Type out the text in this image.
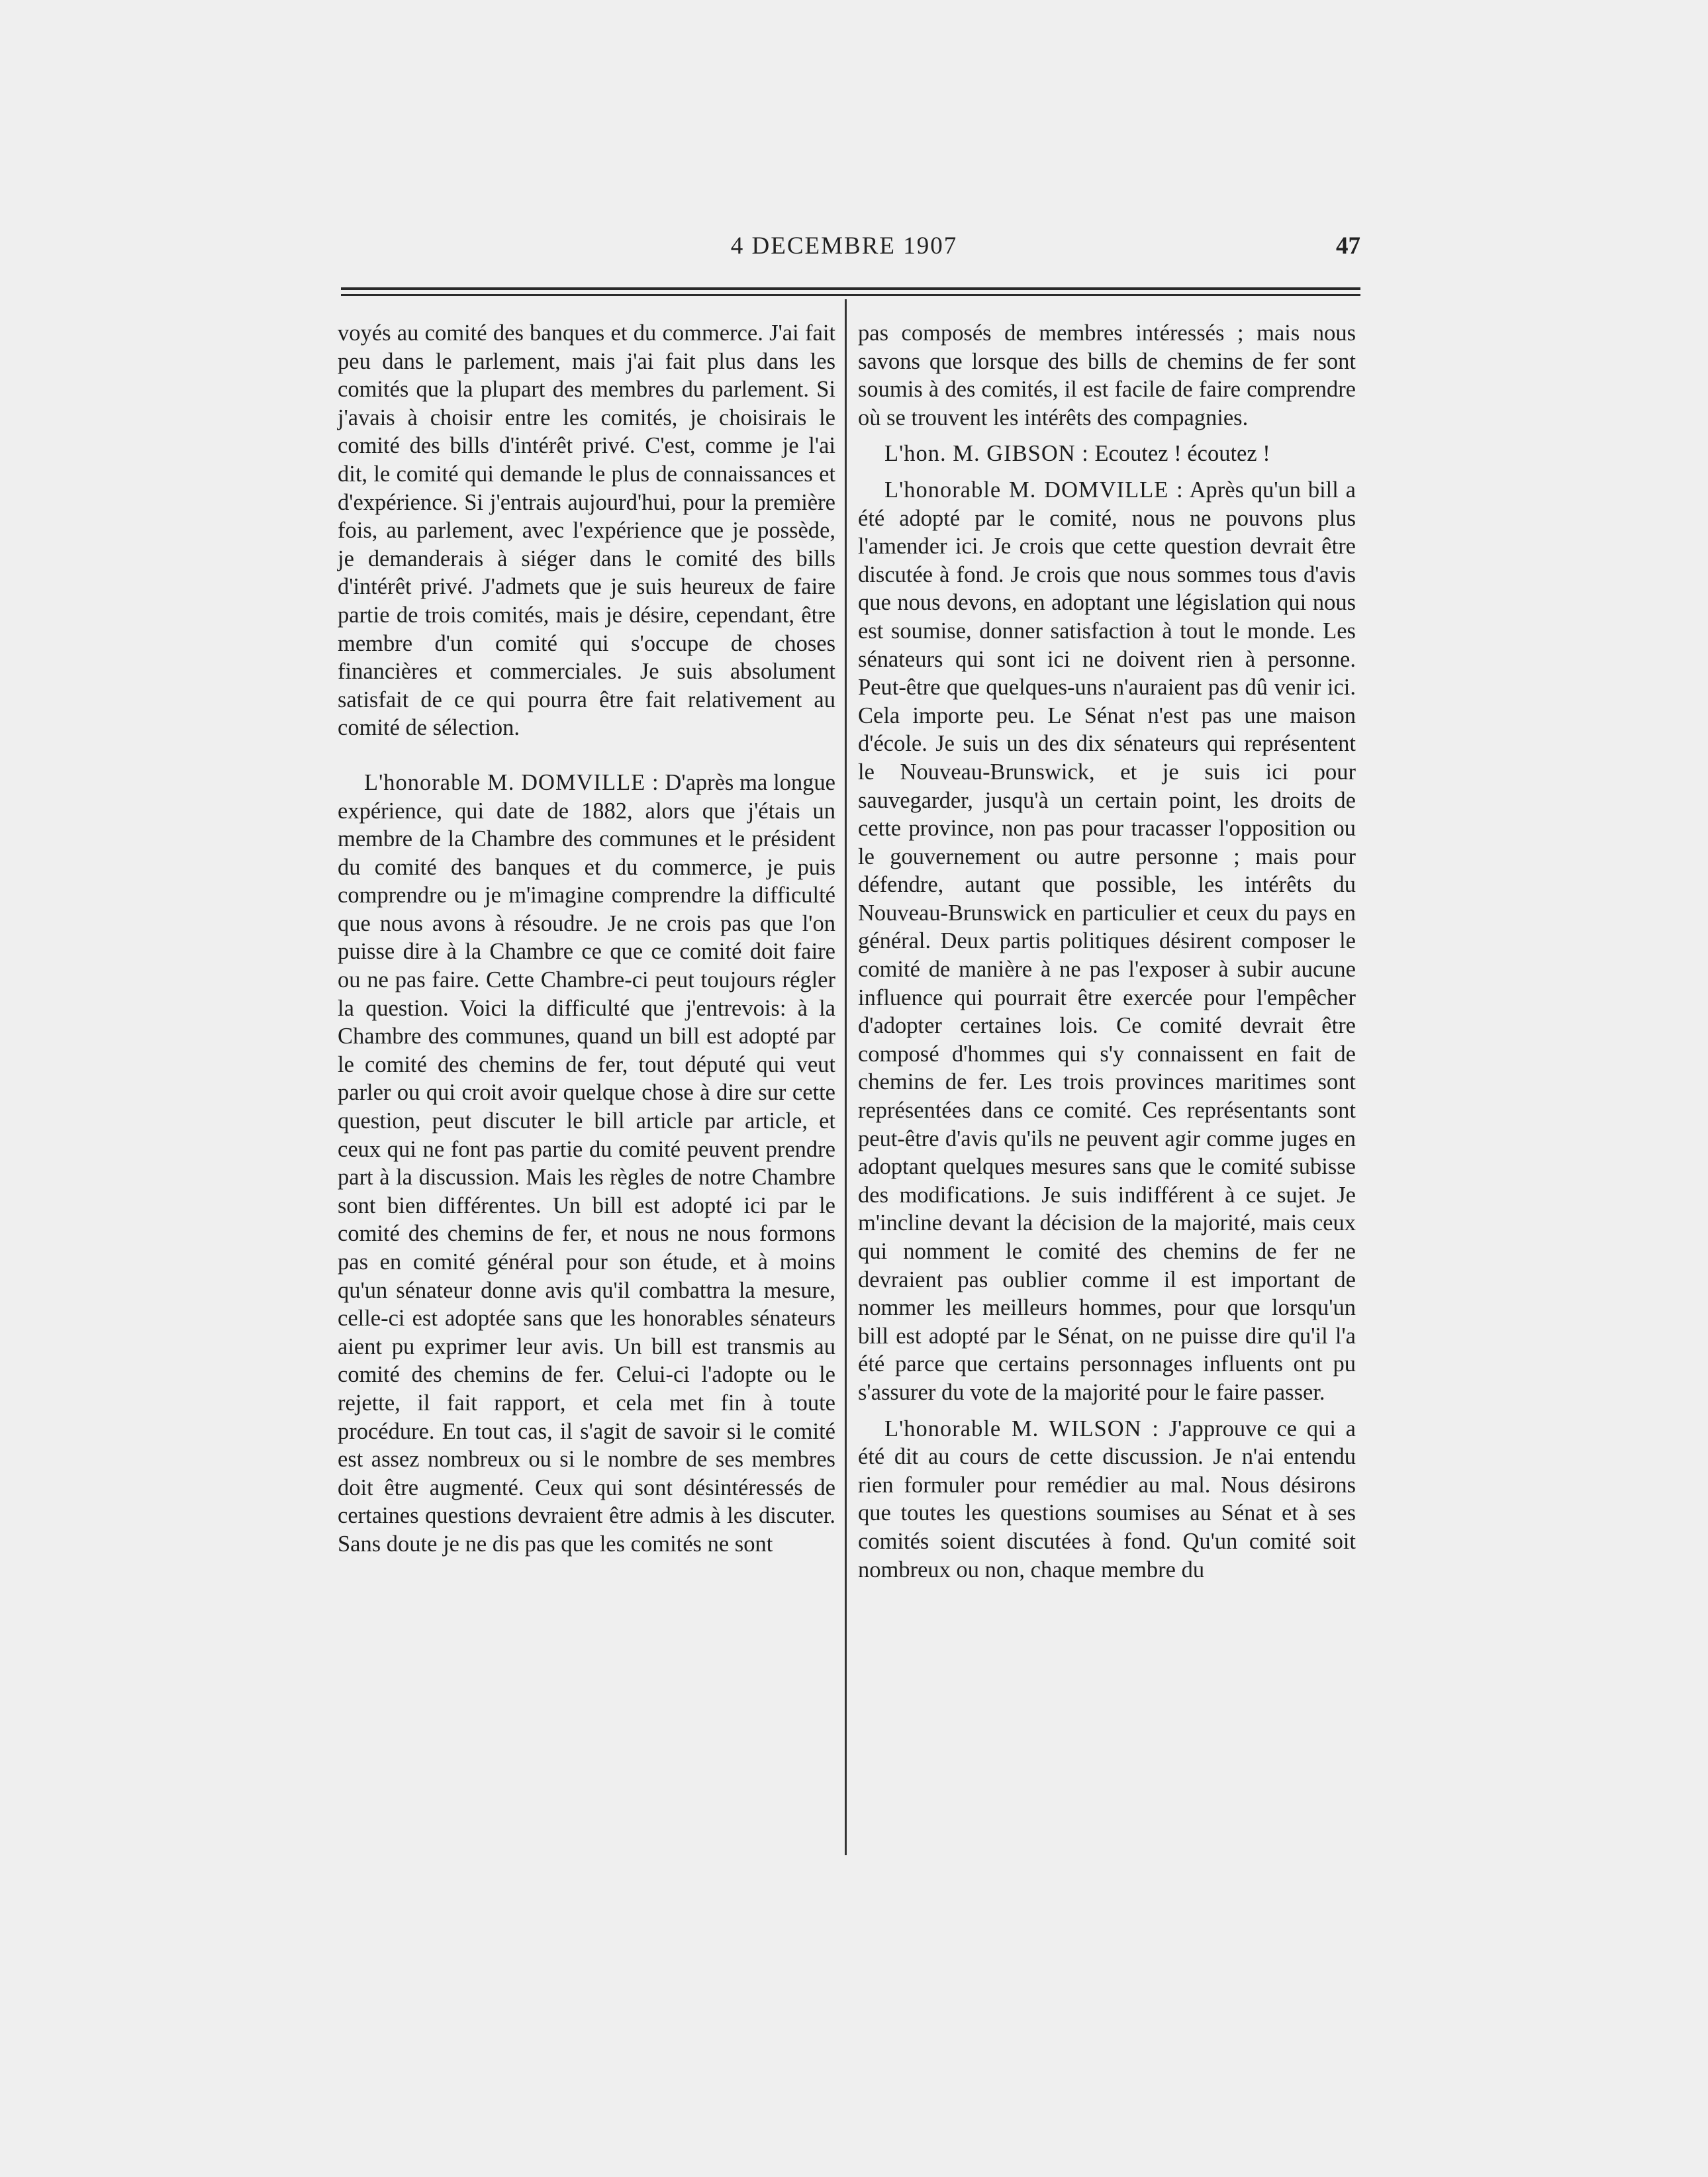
4 DECEMBRE 1907	47

voyés au comité des banques et du commerce. J'ai fait peu dans le parlement, mais j'ai fait plus dans les comités que la plupart des membres du parlement. Si j'avais à choisir entre les comités, je choisirais le comité des bills d'intérêt privé. C'est, comme je l'ai dit, le comité qui demande le plus de connaissances et d'expérience. Si j'entrais aujourd'hui, pour la première fois, au parlement, avec l'expérience que je possède, je demanderais à siéger dans le comité des bills d'intérêt privé. J'admets que je suis heureux de faire partie de trois comités, mais je désire, cependant, être membre d'un comité qui s'occupe de choses financières et commerciales. Je suis absolument satisfait de ce qui pourra être fait relativement au comité de sélection.

L'honorable M. DOMVILLE : D'après ma longue expérience, qui date de 1882, alors que j'étais un membre de la Chambre des communes et le président du comité des banques et du commerce, je puis comprendre ou je m'imagine comprendre la difficulté que nous avons à résoudre. Je ne crois pas que l'on puisse dire à la Chambre ce que ce comité doit faire ou ne pas faire. Cette Chambre-ci peut toujours régler la question. Voici la difficulté que j'entrevois: à la Chambre des communes, quand un bill est adopté par le comité des chemins de fer, tout député qui veut parler ou qui croit avoir quelque chose à dire sur cette question, peut discuter le bill article par article, et ceux qui ne font pas partie du comité peuvent prendre part à la discussion. Mais les règles de notre Chambre sont bien différentes. Un bill est adopté ici par le comité des chemins de fer, et nous ne nous formons pas en comité général pour son étude, et à moins qu'un sénateur donne avis qu'il combattra la mesure, celle-ci est adoptée sans que les honorables sénateurs aient pu exprimer leur avis. Un bill est transmis au comité des chemins de fer. Celui-ci l'adopte ou le rejette, il fait rapport, et cela met fin à toute procédure. En tout cas, il s'agit de savoir si le comité est assez nombreux ou si le nombre de ses membres doit être augmenté. Ceux qui sont désintéressés de certaines questions devraient être admis à les discuter. Sans doute je ne dis pas que les comités ne sont

pas composés de membres intéressés ; mais nous savons que lorsque des bills de chemins de fer sont soumis à des comités, il est facile de faire comprendre où se trouvent les intérêts des compagnies.

L'hon. M. GIBSON : Ecoutez ! écoutez !

L'honorable M. DOMVILLE : Après qu'un bill a été adopté par le comité, nous ne pouvons plus l'amender ici. Je crois que cette question devrait être discutée à fond. Je crois que nous sommes tous d'avis que nous devons, en adoptant une législation qui nous est soumise, donner satisfaction à tout le monde. Les sénateurs qui sont ici ne doivent rien à personne. Peut-être que quelques-uns n'auraient pas dû venir ici. Cela importe peu. Le Sénat n'est pas une maison d'école. Je suis un des dix sénateurs qui représentent le Nouveau-Brunswick, et je suis ici pour sauvegarder, jusqu'à un certain point, les droits de cette province, non pas pour tracasser l'opposition ou le gouvernement ou autre personne ; mais pour défendre, autant que possible, les intérêts du Nouveau-Brunswick en particulier et ceux du pays en général. Deux partis politiques désirent composer le comité de manière à ne pas l'exposer à subir aucune influence qui pourrait être exercée pour l'empêcher d'adopter certaines lois. Ce comité devrait être composé d'hommes qui s'y connaissent en fait de chemins de fer. Les trois provinces maritimes sont représentées dans ce comité. Ces représentants sont peut-être d'avis qu'ils ne peuvent agir comme juges en adoptant quelques mesures sans que le comité subisse des modifications. Je suis indifférent à ce sujet. Je m'incline devant la décision de la majorité, mais ceux qui nomment le comité des chemins de fer ne devraient pas oublier comme il est important de nommer les meilleurs hommes, pour que lorsqu'un bill est adopté par le Sénat, on ne puisse dire qu'il l'a été parce que certains personnages influents ont pu s'assurer du vote de la majorité pour le faire passer.

L'honorable M. WILSON : J'approuve ce qui a été dit au cours de cette discussion. Je n'ai entendu rien formuler pour remédier au mal. Nous désirons que toutes les questions soumises au Sénat et à ses comités soient discutées à fond. Qu'un comité soit nombreux ou non, chaque membre du
